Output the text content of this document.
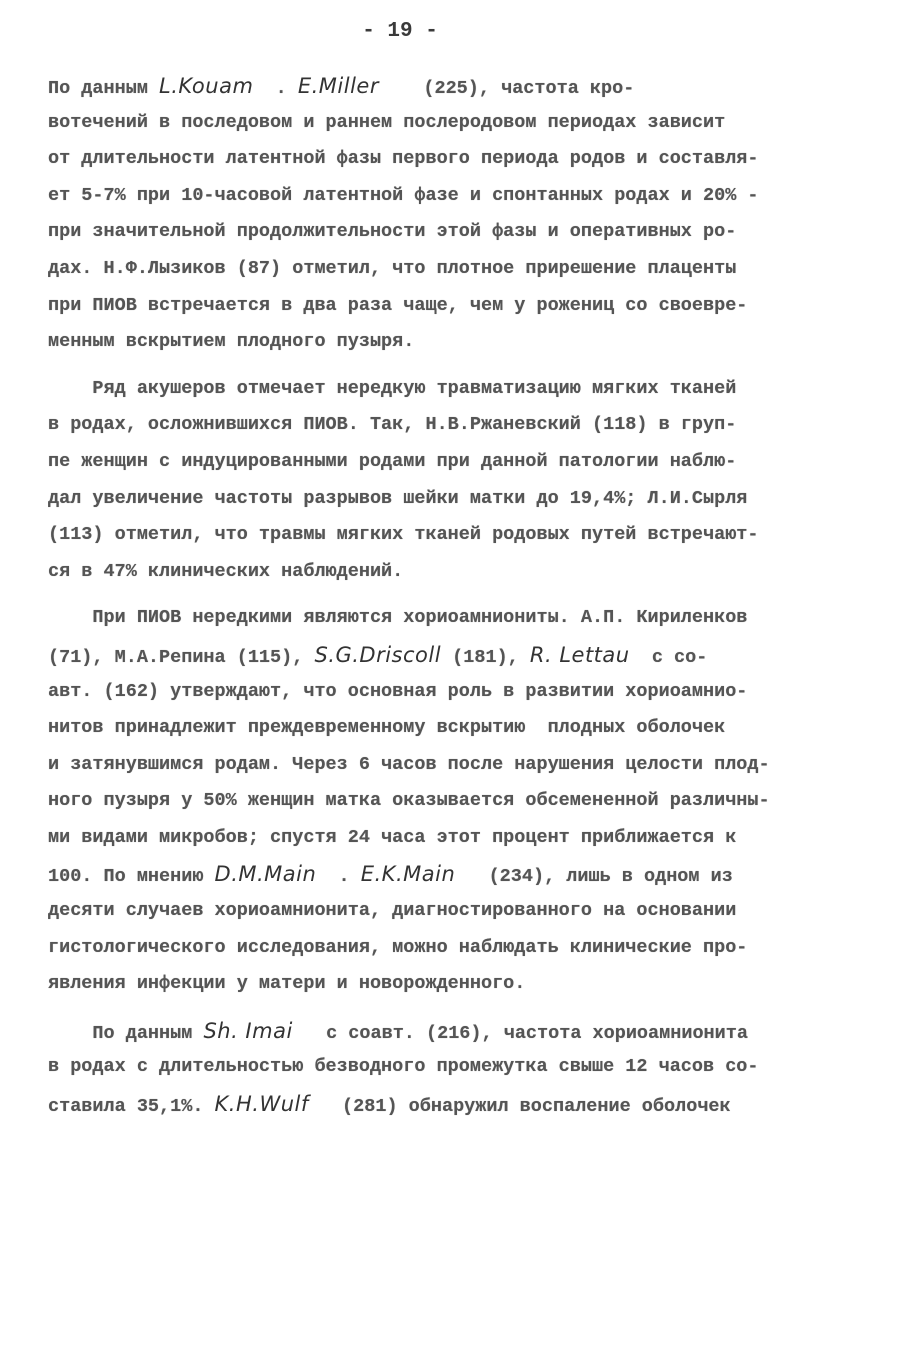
- 19 -
По данным L.Kouam  . E.Miller    (225), частота кро-
вотечений в последовом и раннем послеродовом периодах зависит
от длительности латентной фазы первого периода родов и составля-
ет 5-7% при 10-часовой латентной фазе и спонтанных родах и 20% -
при значительной продолжительности этой фазы и оперативных ро-
дах. Н.Ф.Лызиков (87) отметил, что плотное прирешение плаценты
при ПИОВ встречается в два раза чаще, чем у рожениц со своевре-
менным вскрытием плодного пузыря.
Ряд акушеров отмечает нередкую травматизацию мягких тканей
в родах, осложнившихся ПИОВ. Так, Н.В.Ржаневский (118) в груп-
пе женщин с индуцированными родами при данной патологии наблю-
дал увеличение частоты разрывов шейки матки до 19,4%; Л.И.Сырля
(113) отметил, что травмы мягких тканей родовых путей встречают-
ся в 47% клинических наблюдений.
При ПИОВ нередкими являются хориоамниониты. А.П. Кириленков
(71), М.А.Репина (115), S.G.Driscoll (181), R. Lettau  с со-
авт. (162) утверждают, что основная роль в развитии хориоамнио-
нитов принадлежит преждевременному вскрытию  плодных оболочек
и затянувшимся родам. Через 6 часов после нарушения целости плод-
ного пузыря у 50% женщин матка оказывается обсемененной различны-
ми видами микробов; спустя 24 часа этот процент приближается к
100. По мнению D.M.Main  . E.K.Main   (234), лишь в одном из
десяти случаев хориоамнионита, диагностированного на основании
гистологического исследования, можно наблюдать клинические про-
явления инфекции у матери и новорожденного.
По данным Sh. Imai   с соавт. (216), частота хориоамнионита
в родах с длительностью безводного промежутка свыше 12 часов со-
ставила 35,1%. K.H.Wulf   (281) обнаружил воспаление оболочек
